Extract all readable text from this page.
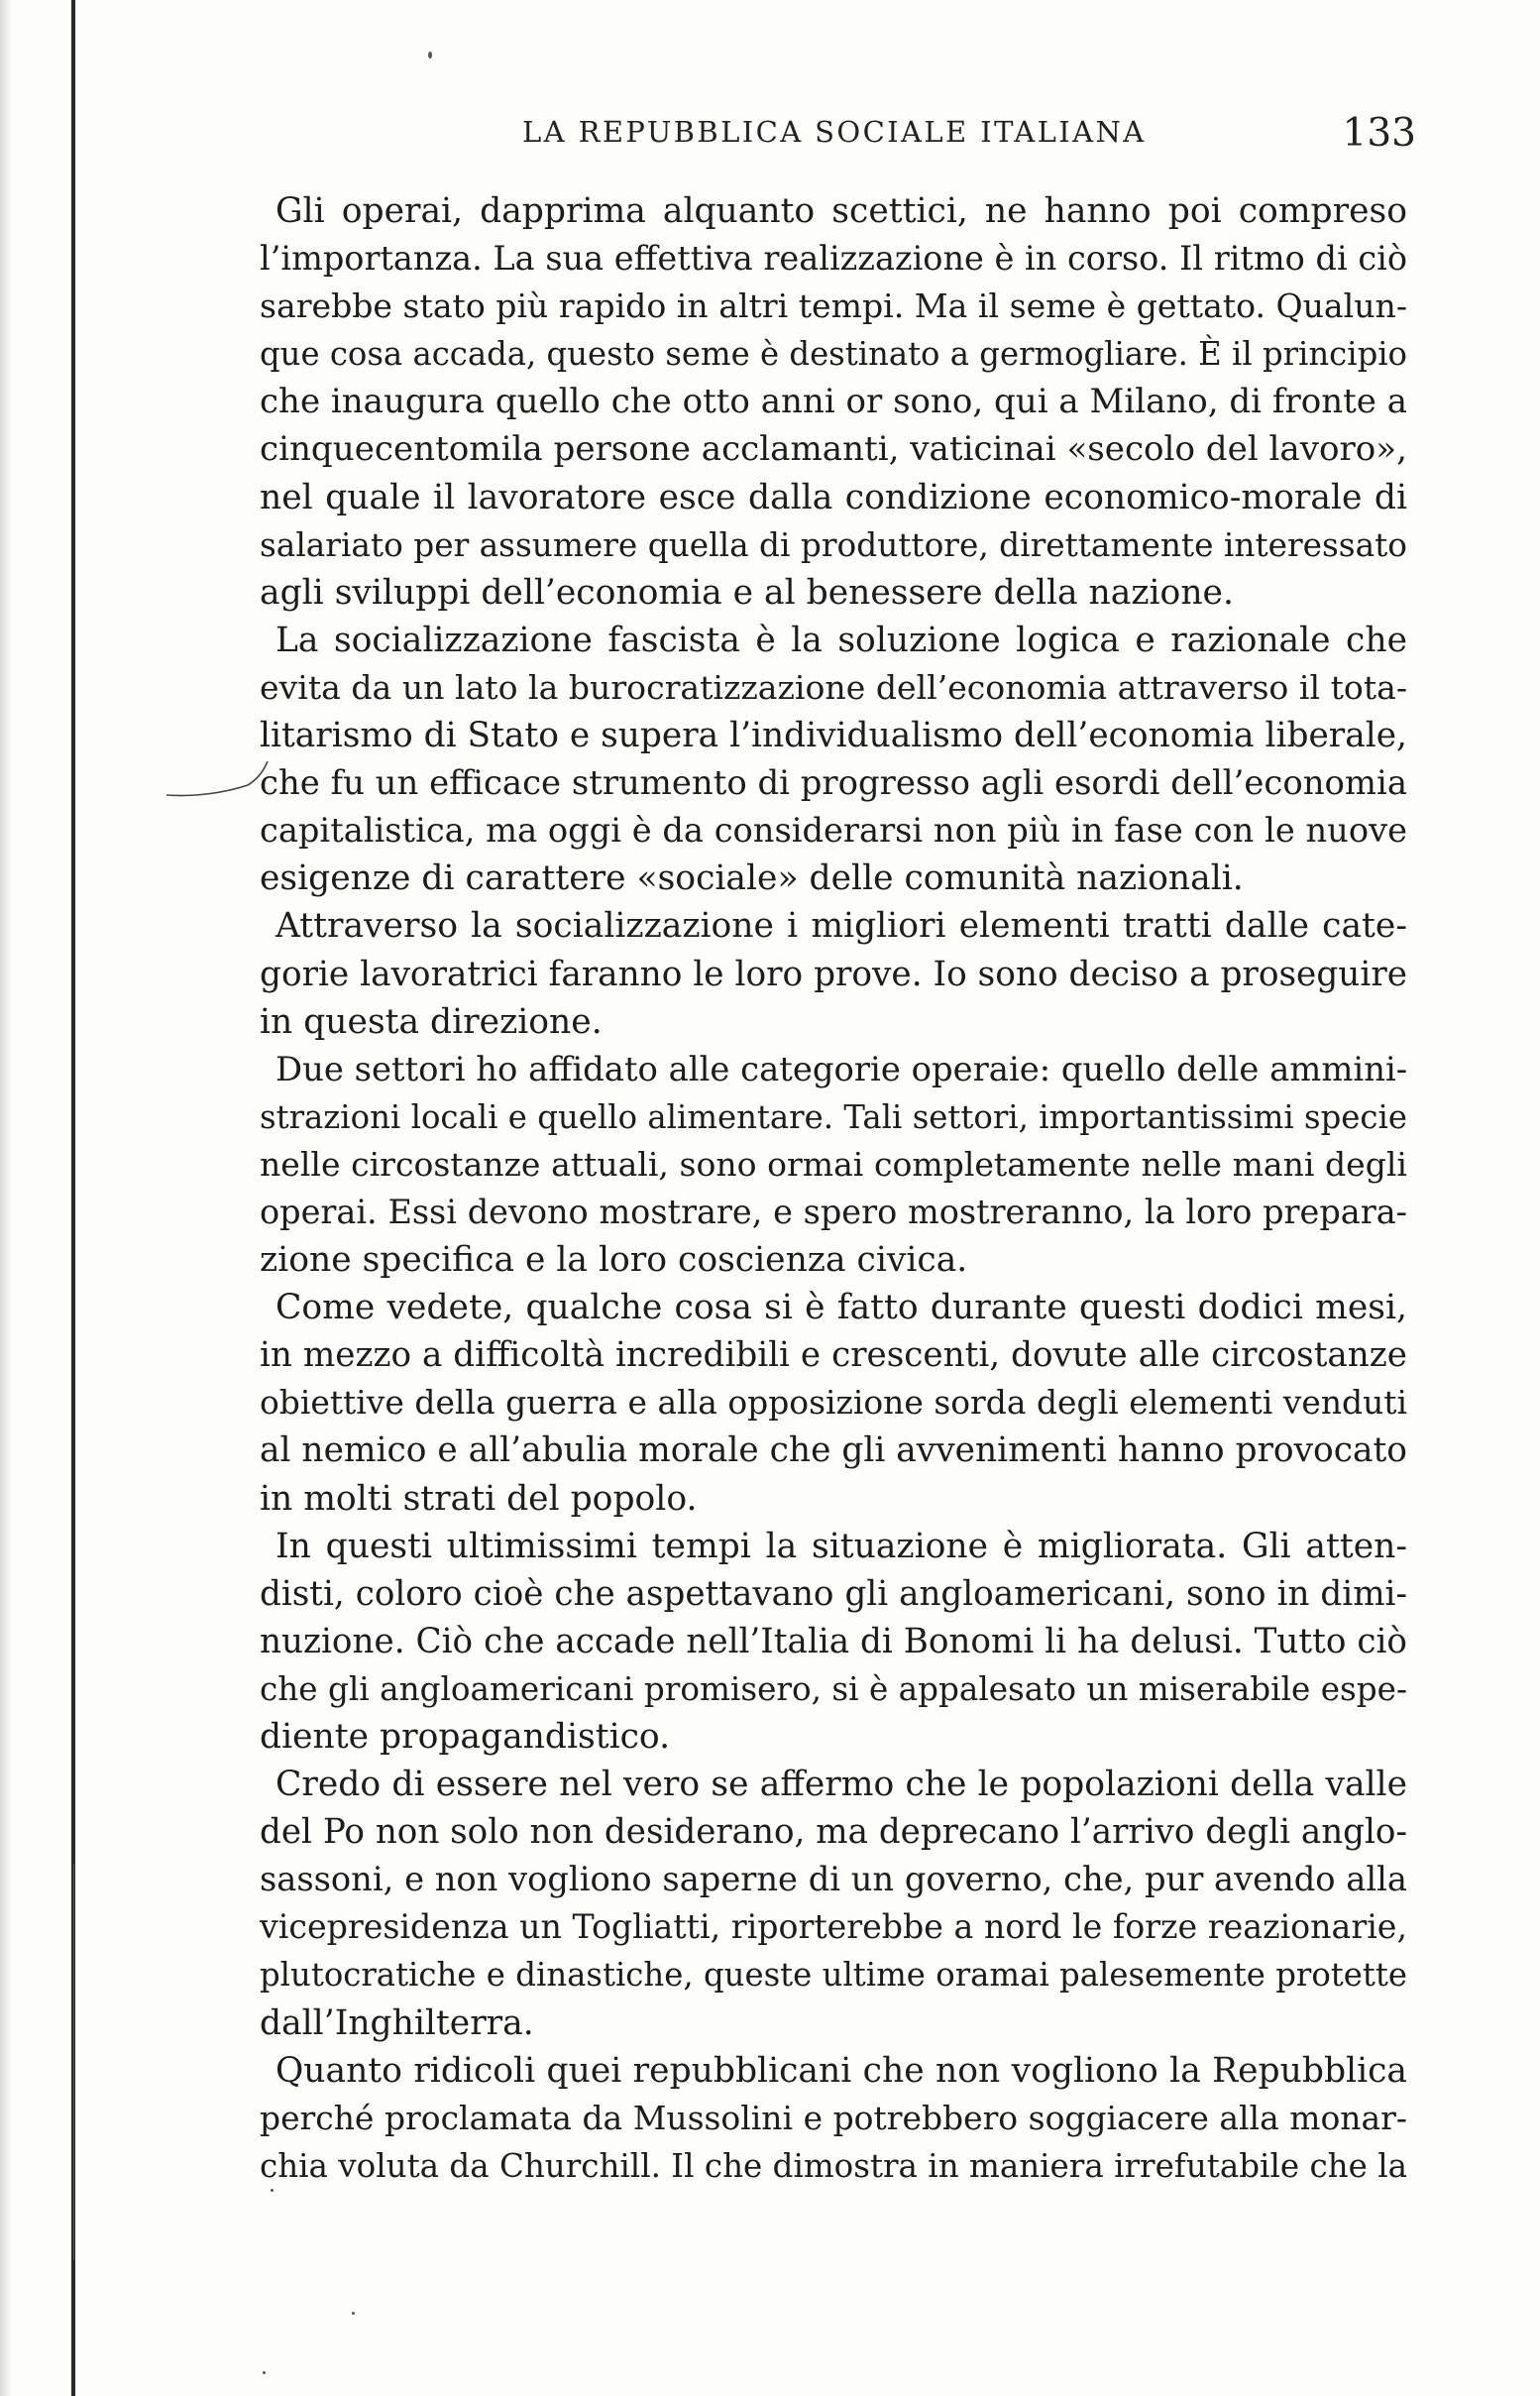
LA REPUBBLICA SOCIALE ITALIANA	133

Gli operai, dapprima alquanto scettici, ne hanno poi compreso
l’importanza. La sua effettiva realizzazione è in corso. Il ritmo di ciò
sarebbe stato più rapido in altri tempi. Ma il seme è gettato. Qualun-
que cosa accada, questo seme è destinato a germogliare. È il principio
che inaugura quello che otto anni or sono, qui a Milano, di fronte a
cinquecentomila persone acclamanti, vaticinai «secolo del lavoro»,
nel quale il lavoratore esce dalla condizione economico-morale di
salariato per assumere quella di produttore, direttamente interessato
agli sviluppi dell’economia e al benessere della nazione.

La socializzazione fascista è la soluzione logica e razionale che
evita da un lato la burocratizzazione dell’economia attraverso il tota-
litarismo di Stato e supera l’individualismo dell’economia liberale,
che fu un efficace strumento di progresso agli esordi dell’economia
capitalistica, ma oggi è da considerarsi non più in fase con le nuove
esigenze di carattere «sociale» delle comunità nazionali.

Attraverso la socializzazione i migliori elementi tratti dalle cate-
gorie lavoratrici faranno le loro prove. Io sono deciso a proseguire
in questa direzione.

Due settori ho affidato alle categorie operaie: quello delle ammini-
strazioni locali e quello alimentare. Tali settori, importantissimi specie
nelle circostanze attuali, sono ormai completamente nelle mani degli
operai. Essi devono mostrare, e spero mostreranno, la loro prepara-
zione specifica e la loro coscienza civica.

Come vedete, qualche cosa si è fatto durante questi dodici mesi,
in mezzo a difficoltà incredibili e crescenti, dovute alle circostanze
obiettive della guerra e alla opposizione sorda degli elementi venduti
al nemico e all’abulia morale che gli avvenimenti hanno provocato
in molti strati del popolo.

In questi ultimissimi tempi la situazione è migliorata. Gli atten-
disti, coloro cioè che aspettavano gli angloamericani, sono in dimi-
nuzione. Ciò che accade nell’Italia di Bonomi li ha delusi. Tutto ciò
che gli angloamericani promisero, si è appalesato un miserabile espe-
diente propagandistico.

Credo di essere nel vero se affermo che le popolazioni della valle
del Po non solo non desiderano, ma deprecano l’arrivo degli anglo-
sassoni, e non vogliono saperne di un governo, che, pur avendo alla
vicepresidenza un Togliatti, riporterebbe a nord le forze reazionarie,
plutocratiche e dinastiche, queste ultime oramai palesemente protette
dall’Inghilterra.

Quanto ridicoli quei repubblicani che non vogliono la Repubblica
perché proclamata da Mussolini e potrebbero soggiacere alla monar-
chia voluta da Churchill. Il che dimostra in maniera irrefutabile che la
